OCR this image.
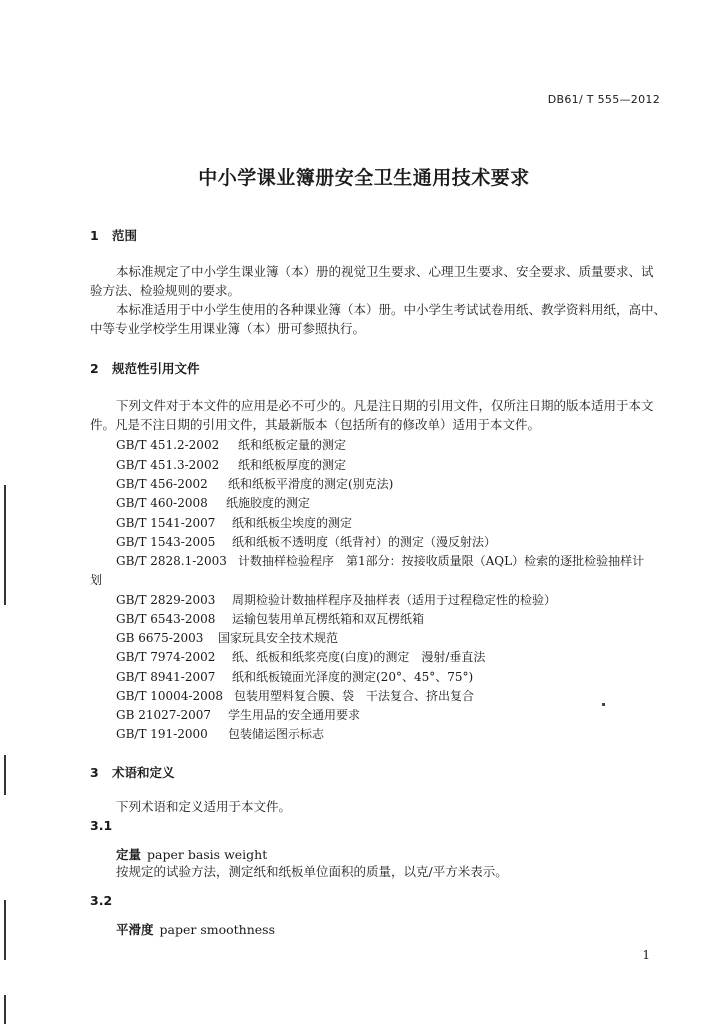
DB61/ T 555—2012
中小学课业簿册安全卫生通用技术要求
1 范围
本标准规定了中小学生课业簿（本）册的视觉卫生要求、心理卫生要求、安全要求、质量要求、试
验方法、检验规则的要求。
本标准适用于中小学生使用的各种课业簿（本）册。中小学生考试试卷用纸、教学资料用纸，高中、
中等专业学校学生用课业簿（本）册可参照执行。
2 规范性引用文件
下列文件对于本文件的应用是必不可少的。凡是注日期的引用文件，仅所注日期的版本适用于本文
件。凡是不注日期的引用文件，其最新版本（包括所有的修改单）适用于本文件。
GB/T 451.2-2002 纸和纸板定量的测定
GB/T 451.3-2002 纸和纸板厚度的测定
GB/T 456-2002 纸和纸板平滑度的测定(别克法)
GB/T 460-2008 纸施胶度的测定
GB/T 1541-2007 纸和纸板尘埃度的测定
GB/T 1543-2005 纸和纸板不透明度（纸背衬）的测定（漫反射法）
GB/T 2828.1-2003 计数抽样检验程序　第1部分：按接收质量限（AQL）检索的逐批检验抽样计
划
GB/T 2829-2003 周期检验计数抽样程序及抽样表（适用于过程稳定性的检验）
GB/T 6543-2008 运输包装用单瓦楞纸箱和双瓦楞纸箱
GB 6675-2003 国家玩具安全技术规范
GB/T 7974-2002 纸、纸板和纸浆亮度(白度)的测定　漫射/垂直法
GB/T 8941-2007 纸和纸板镜面光泽度的测定(20°、45°、75°)
GB/T 10004-2008 包装用塑料复合膜、袋　干法复合、挤出复合
GB 21027-2007 学生用品的安全通用要求
GB/T 191-2000 包装储运图示标志
3 术语和定义
下列术语和定义适用于本文件。
3.1
定量 paper basis weight
按规定的试验方法，测定纸和纸板单位面积的质量，以克/平方米表示。
3.2
平滑度 paper smoothness
1
